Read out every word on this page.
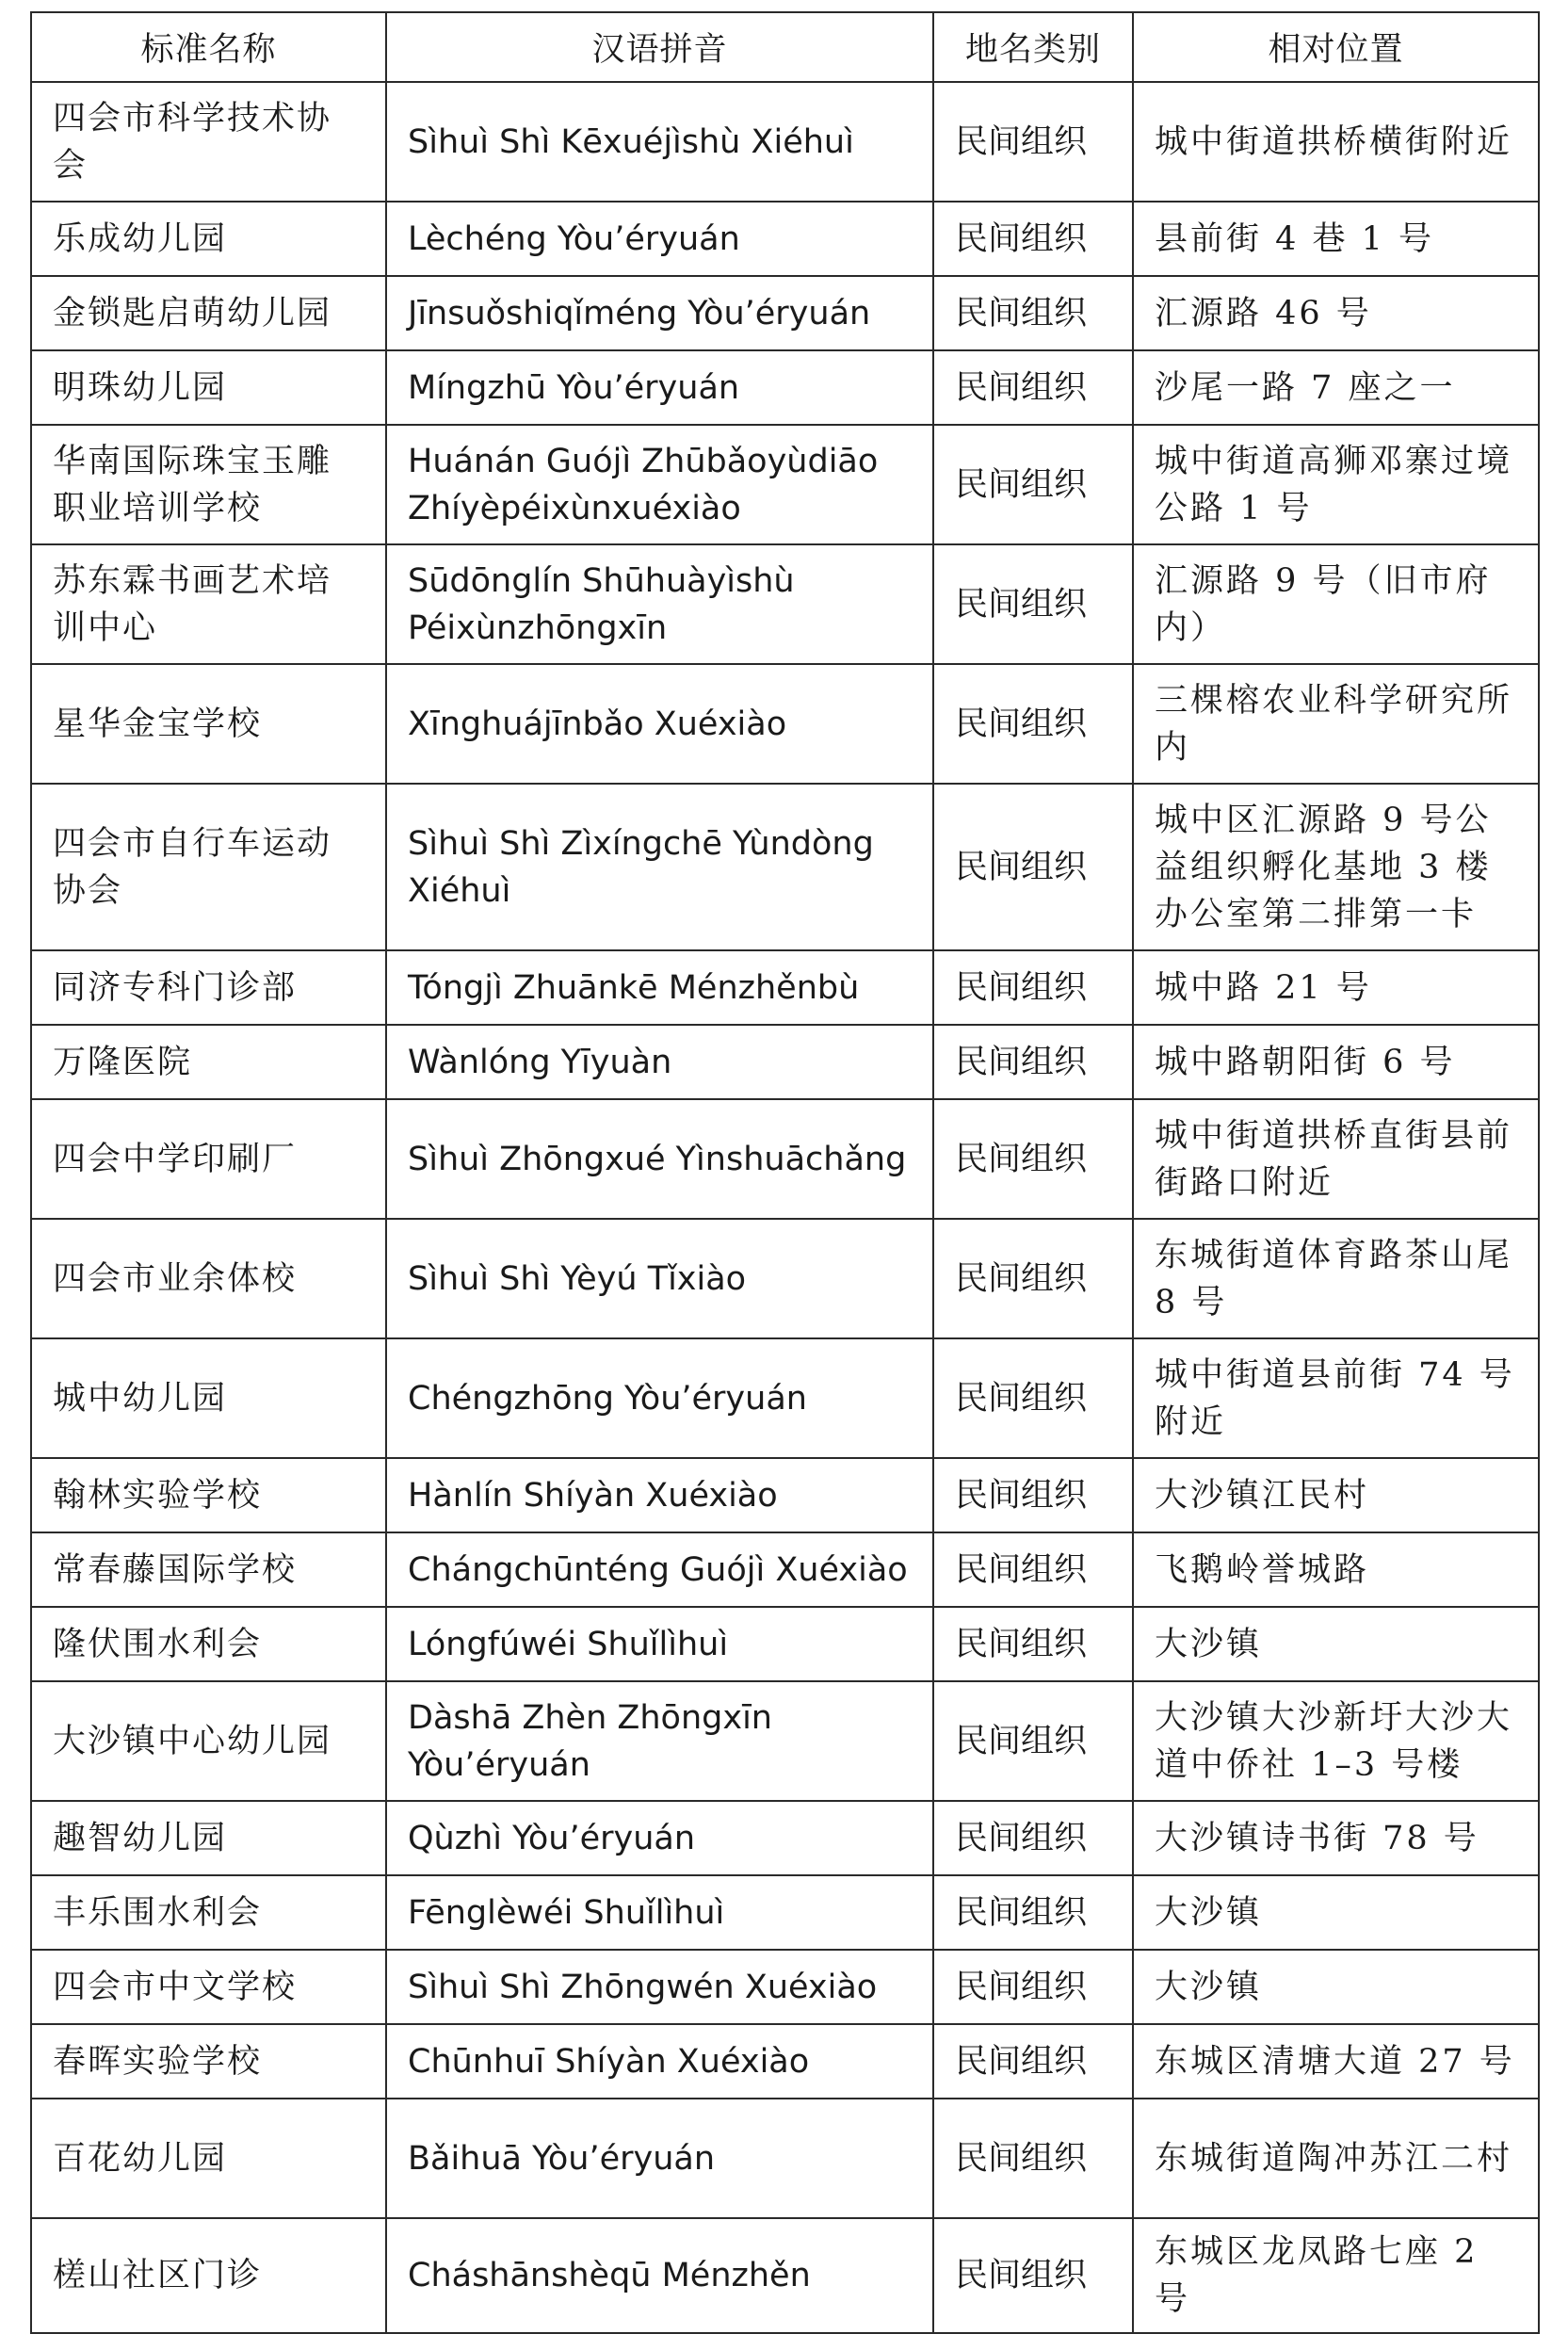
标准名称	汉语拼音	地名类别	相对位置
四会市科学技术协会	Sìhuì Shì Kēxuéjìshù Xiéhuì	民间组织	城中街道拱桥横街附近
乐成幼儿园	Lèchéng Yòu’éryuán	民间组织	县前街 4 巷 1 号
金锁匙启萌幼儿园	Jīnsuǒshiqǐméng Yòu’éryuán	民间组织	汇源路 46 号
明珠幼儿园	Míngzhū Yòu’éryuán	民间组织	沙尾一路 7 座之一
华南国际珠宝玉雕职业培训学校	Huánán Guójì Zhūbǎoyùdiāo Zhíyèpéixùnxuéxiào	民间组织	城中街道高狮邓寨过境公路 1 号
苏东霖书画艺术培训中心	Sūdōnglín Shūhuàyìshù Péixùnzhōngxīn	民间组织	汇源路 9 号（旧市府内）
星华金宝学校	Xīnghuájīnbǎo Xuéxiào	民间组织	三棵榕农业科学研究所内
四会市自行车运动协会	Sìhuì Shì Zìxíngchē Yùndòng Xiéhuì	民间组织	城中区汇源路 9 号公益组织孵化基地 3 楼办公室第二排第一卡
同济专科门诊部	Tóngjì Zhuānkē Ménzhěnbù	民间组织	城中路 21 号
万隆医院	Wànlóng Yīyuàn	民间组织	城中路朝阳街 6 号
四会中学印刷厂	Sìhuì Zhōngxué Yìnshuāchǎng	民间组织	城中街道拱桥直街县前街路口附近
四会市业余体校	Sìhuì Shì Yèyú Tǐxiào	民间组织	东城街道体育路茶山尾 8 号
城中幼儿园	Chéngzhōng Yòu’éryuán	民间组织	城中街道县前街 74 号附近
翰林实验学校	Hànlín Shíyàn Xuéxiào	民间组织	大沙镇江民村
常春藤国际学校	Chángchūnténg Guójì Xuéxiào	民间组织	飞鹅岭誉城路
隆伏围水利会	Lóngfúwéi Shuǐlìhuì	民间组织	大沙镇
大沙镇中心幼儿园	Dàshā Zhèn Zhōngxīn Yòu’éryuán	民间组织	大沙镇大沙新圩大沙大道中侨社 1–3 号楼
趣智幼儿园	Qùzhì Yòu’éryuán	民间组织	大沙镇诗书街 78 号
丰乐围水利会	Fēnglèwéi Shuǐlìhuì	民间组织	大沙镇
四会市中文学校	Sìhuì Shì Zhōngwén Xuéxiào	民间组织	大沙镇
春晖实验学校	Chūnhuī Shíyàn Xuéxiào	民间组织	东城区清塘大道 27 号
百花幼儿园	Bǎihuā Yòu’éryuán	民间组织	东城街道陶冲苏江二村
槎山社区门诊	Cháshānshèqū Ménzhěn	民间组织	东城区龙凤路七座 2 号
